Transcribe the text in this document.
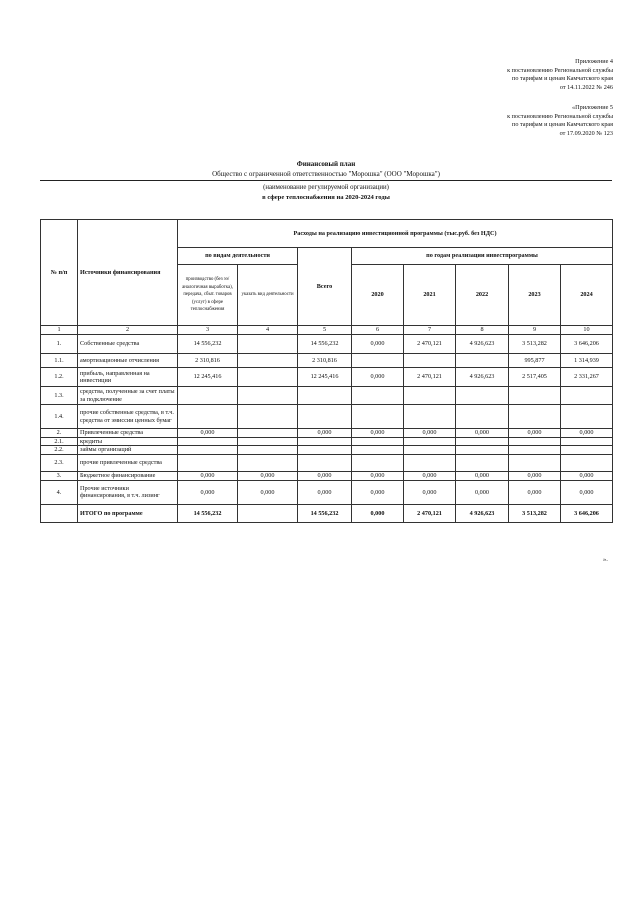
Приложение 4
к постановлению Региональной службы
по тарифам и ценам Камчатского края
от 14.11.2022 № 246
«Приложение 5
к постановлению Региональной службы
по тарифам и ценам Камчатского края
от 17.09.2020 № 123
Финансовый план
Общество с ограниченной ответственностью "Морошка" (ООО "Морошка")
(наименование регулируемой организации)
в сфере теплоснабжения на 2020-2024 годы
№ п/п	Источники финансирования	Расходы на реализацию инвестиционной программы (тыс.руб. без НДС)							
		по видам деятельности		Всего	по годам реализации инвестпрограммы				
		производство (без ээ/аналогичная выработка), передача, сбыт. товаров (услуг) в сфере теплоснабжения	указать вид деятельности		2020	2021	2022	2023	2024
1	2	3	4	5	6	7	8	9	10
1.	Собственные средства	14 556,232		14 556,232	0,000	2 470,121	4 926,623	3 513,282	3 646,206
1.1.	амортизационные отчисления	2 310,816		2 310,816				995,877	1 314,939
1.2.	прибыль, направленная на инвестиции	12 245,416		12 245,416	0,000	2 470,121	4 926,623	2 517,405	2 331,267
1.3.	средства, полученные за счет платы за подключение								
1.4.	прочие собственные средства, в т.ч. средства от эмиссии ценных бумаг								
2.	Привлеченные средства	0,000		0,000	0,000	0,000	0,000	0,000	0,000
2.1.	кредиты								
2.2.	займы организаций								
2.3.	прочие привлеченные средства								
3.	Бюджетное финансирование	0,000	0,000	0,000	0,000	0,000	0,000	0,000	0,000
4.	Прочие источники финансирования, в т.ч. лизинг	0,000	0,000	0,000	0,000	0,000	0,000	0,000	0,000
	ИТОГО по программе	14 556,232		14 556,232	0,000	2 470,121	4 926,623	3 513,282	3 646,206
».
